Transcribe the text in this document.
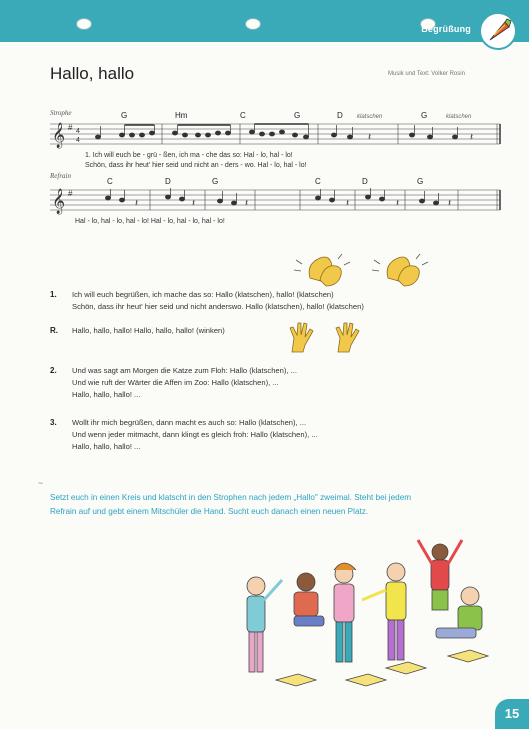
Begrüßung
Hallo, hallo	Musik und Text: Volker Rosin
Strophe	G	Hm	C	G	D	G
klatschen	klatschen
𝄞 # 4
4	𝄽	𝄽
1. Ich will euch be - grü - ßen, ich ma - che das so: Hal - lo, hal - lo!
Schön, dass ihr heut' hier seid und nicht an - ders - wo. Hal - lo, hal - lo!
Refrain
C	D	G	C	D	G
𝄞 #
𝄽	𝄽	𝄽	𝄽	𝄽	𝄽
Hal - lo, hal - lo, hal - lo! Hal - lo, hal - lo, hal - lo!
1. Ich will euch begrüßen, ich mache das so: Hallo (klatschen), hallo! (klatschen)
Schön, dass ihr heut' hier seid und nicht anderswo. Hallo (klatschen), hallo! (klatschen)
R. Hallo, hallo, hallo! Hallo, hallo, hallo! (winken)
2. Und was sagt am Morgen die Katze zum Floh: Hallo (klatschen), ...
Und wie ruft der Wärter die Affen im Zoo: Hallo (klatschen), ...
Hallo, hallo, hallo! ...
3. Wollt ihr mich begrüßen, dann macht es auch so: Hallo (klatschen), ...
Und wenn jeder mitmacht, dann klingt es gleich froh: Hallo (klatschen), ...
Hallo, hallo, hallo! ...
~
Setzt euch in einen Kreis und klatscht in den Strophen nach jedem „Hallo" zweimal. Steht bei jedem
Refrain auf und gebt einem Mitschüler die Hand. Sucht euch danach einen neuen Platz.
15
